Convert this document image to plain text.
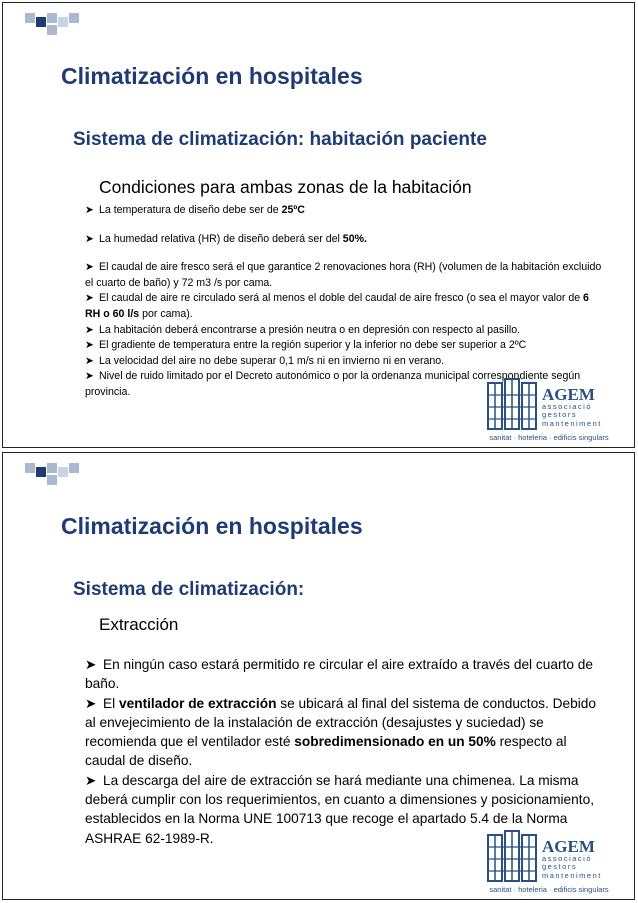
Climatización en hospitales
Sistema de climatización: habitación paciente
Condiciones para ambas zonas de la habitación
➤ La temperatura de diseño debe ser de 25ºC
➤ La humedad relativa (HR) de diseño deberá ser del 50%.
➤ El caudal de aire fresco será el que garantice 2 renovaciones hora (RH) (volumen de la habitación excluido el cuarto de baño) y 72 m3 /s por cama.
➤ El caudal de aire re circulado será al menos el doble del caudal de aire fresco (o sea el mayor valor de 6 RH o 60 l/s por cama).
➤ La habitación deberá encontrarse a presión neutra o en depresión con respecto al pasillo.
➤ El gradiente de temperatura entre la región superior y la inferior no debe ser superior a 2ºC
➤ La velocidad del aire no debe superar 0,1 m/s ni en invierno ni en verano.
➤ Nivel de ruido limitado por el Decreto autonómico o por la ordenanza municipal correspondiente según provincia.	AGEM
associació
gestors
manteniment
sanitat · hoteleria · edificis singulars
Climatización en hospitales
Sistema de climatización:
Extracción
➤ En ningún caso estará permitido re circular el aire extraído a través del cuarto de baño.
➤ El ventilador de extracción se ubicará al final del sistema de conductos. Debido al envejecimiento de la instalación de extracción (desajustes y suciedad) se recomienda que el ventilador esté sobredimensionado en un 50% respecto al caudal de diseño.
➤ La descarga del aire de extracción se hará mediante una chimenea. La misma deberá cumplir con los requerimientos, en cuanto a dimensiones y posicionamiento, establecidos en la Norma UNE 100713 que recoge el apartado 5.4 de la Norma ASHRAE 62-1989-R.	AGEM
associació
gestors
manteniment
sanitat · hoteleria · edificis singulars
